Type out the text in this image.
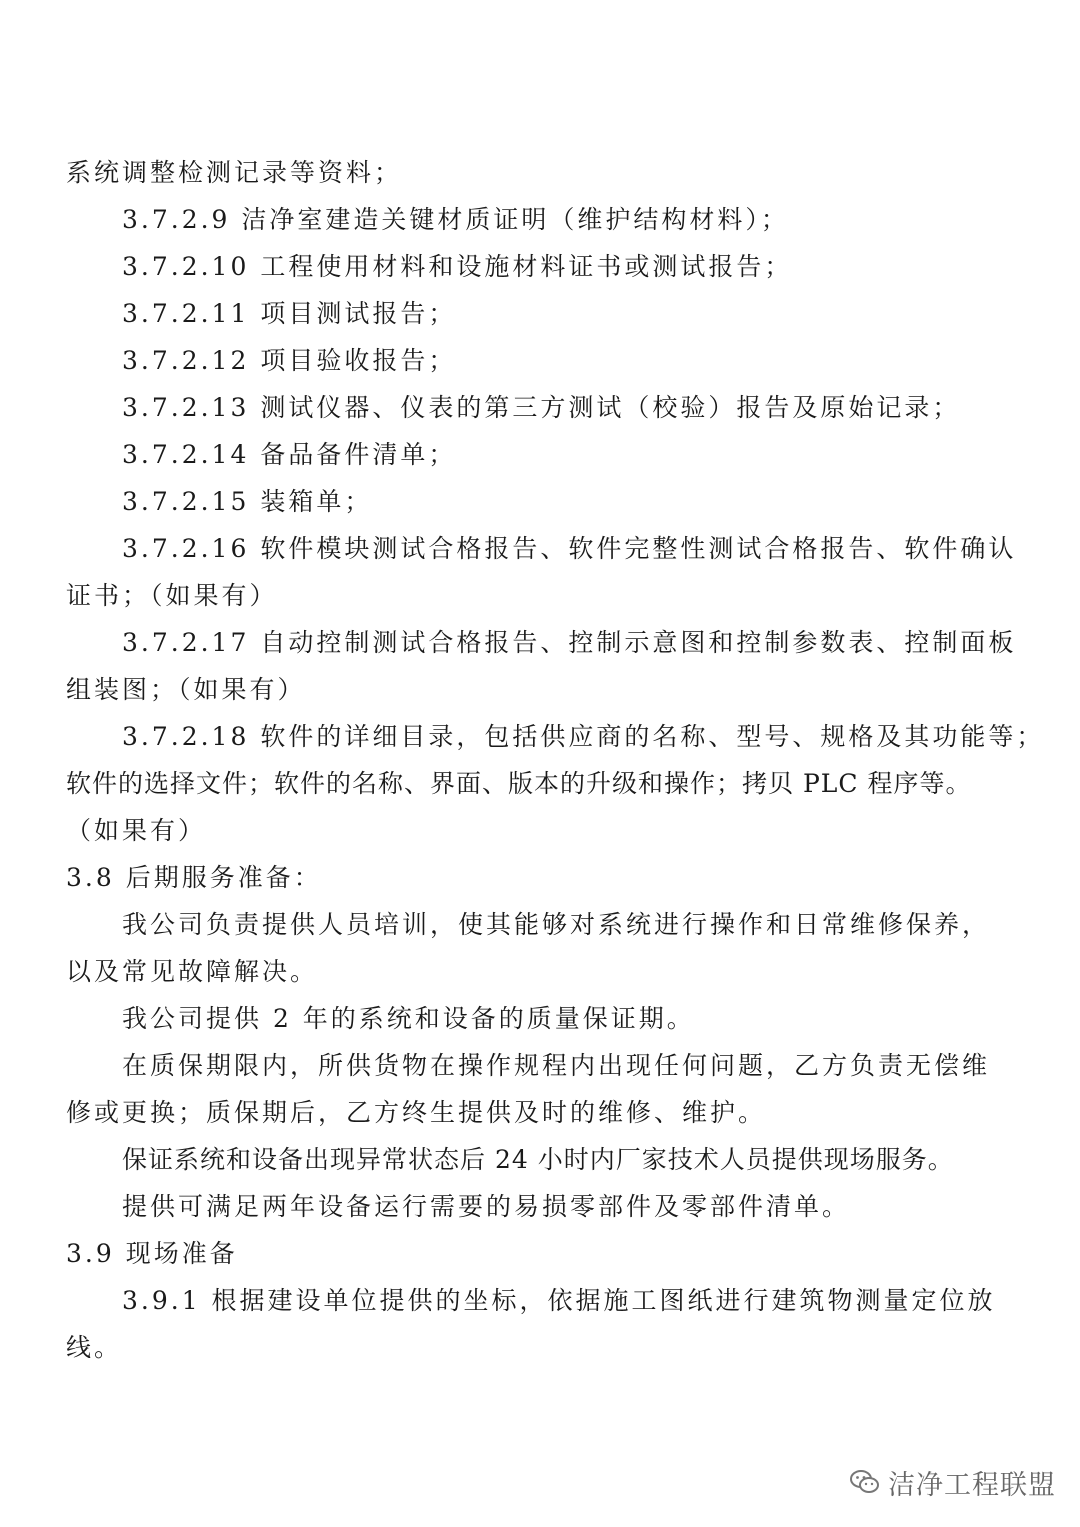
系统调整检测记录等资料；
3.7.2.9 洁净室建造关键材质证明（维护结构材料）；
3.7.2.10 工程使用材料和设施材料证书或测试报告；
3.7.2.11 项目测试报告；
3.7.2.12 项目验收报告；
3.7.2.13 测试仪器、仪表的第三方测试（校验）报告及原始记录；
3.7.2.14 备品备件清单；
3.7.2.15 装箱单；
3.7.2.16 软件模块测试合格报告、软件完整性测试合格报告、软件确认
证书；（如果有）
3.7.2.17 自动控制测试合格报告、控制示意图和控制参数表、控制面板
组装图；（如果有）
3.7.2.18 软件的详细目录，包括供应商的名称、型号、规格及其功能等；
软件的选择文件；软件的名称、界面、版本的升级和操作；拷贝 PLC 程序等。
（如果有）
3.8 后期服务准备：
我公司负责提供人员培训，使其能够对系统进行操作和日常维修保养，
以及常见故障解决。
我公司提供 2 年的系统和设备的质量保证期。
在质保期限内，所供货物在操作规程内出现任何问题，乙方负责无偿维
修或更换；质保期后，乙方终生提供及时的维修、维护。
保证系统和设备出现异常状态后 24 小时内厂家技术人员提供现场服务。
提供可满足两年设备运行需要的易损零部件及零部件清单。
3.9 现场准备
3.9.1 根据建设单位提供的坐标，依据施工图纸进行建筑物测量定位放
线。
洁净工程联盟
